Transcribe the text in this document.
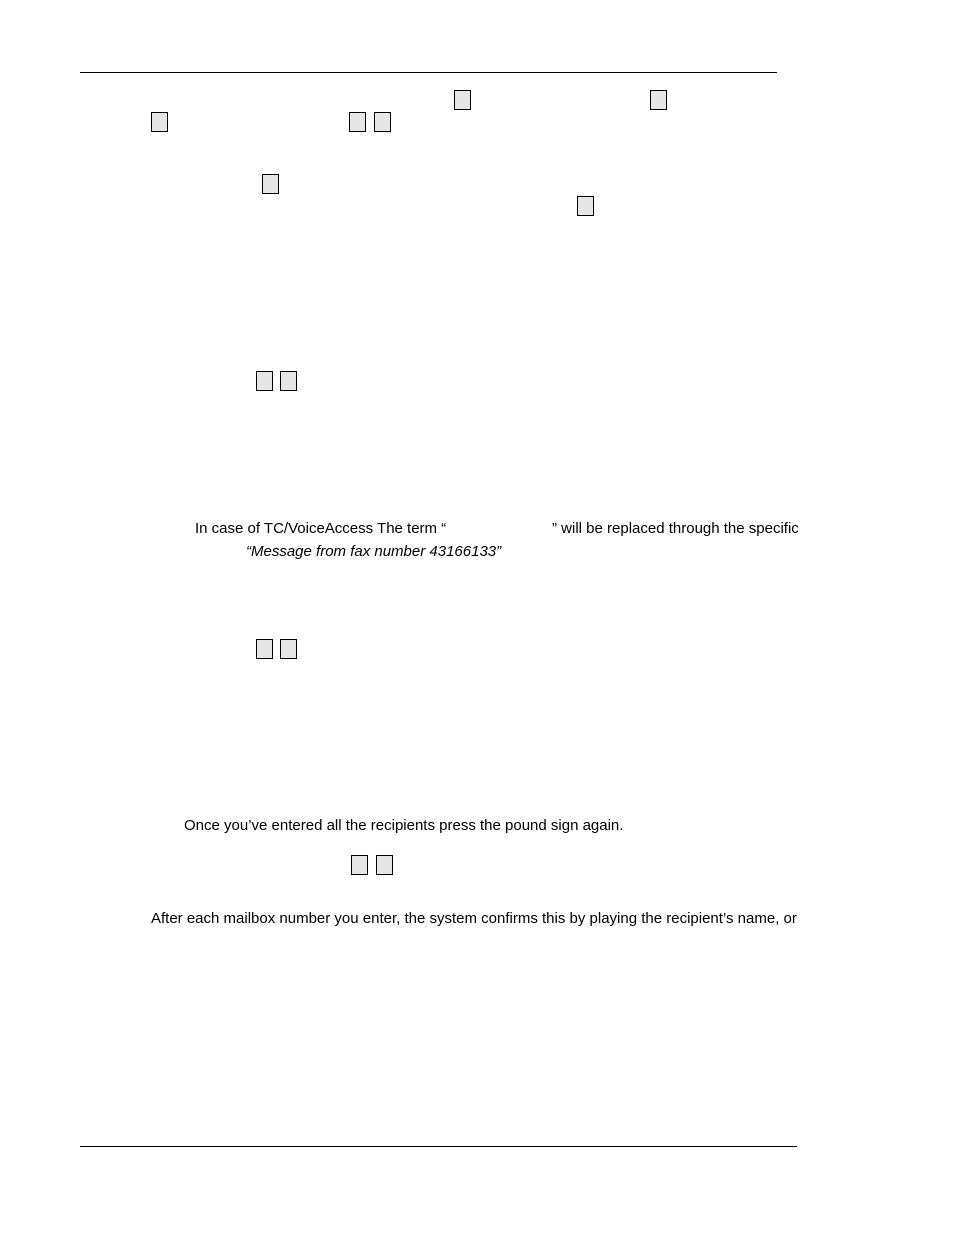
In case of TC/VoiceAccess The term “	” will be replaced through the specific
“Message from fax number 43166133”
Once you’ve entered all the recipients press the pound sign again.
After each mailbox number you enter, the system confirms this by playing the recipient’s name, or
